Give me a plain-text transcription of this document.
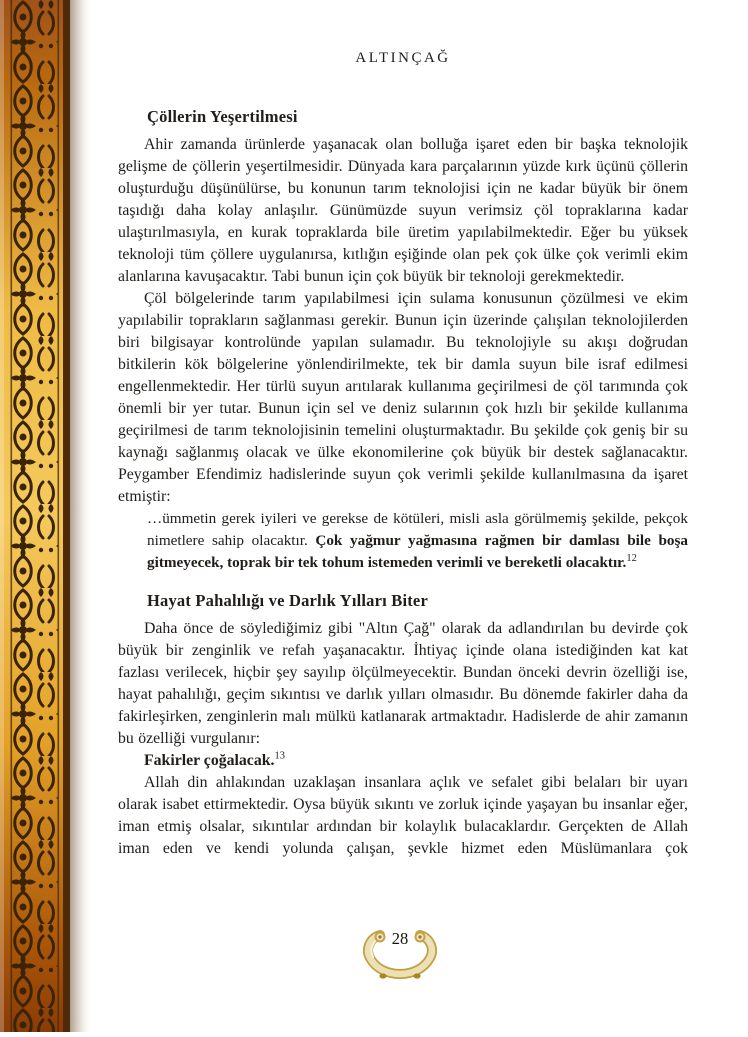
ALTINÇAĞ
Çöllerin Yeşertilmesi

Ahir zamanda ürünlerde yaşanacak olan bolluğa işaret eden bir başka teknolojik gelişme de çöllerin yeşertilmesidir. Dünyada kara parçalarının yüzde kırk üçünü çöllerin oluşturduğu düşünülürse, bu konunun tarım teknolojisi için ne kadar büyük bir önem taşıdığı daha kolay anlaşılır. Günümüzde suyun verimsiz çöl topraklarına kadar ulaştırılmasıyla, en kurak topraklarda bile üretim yapılabilmektedir. Eğer bu yüksek teknoloji tüm çöllere uygulanırsa, kıtlığın eşiğinde olan pek çok ülke çok verimli ekim alanlarına kavuşacaktır. Tabi bunun için çok büyük bir teknoloji gerekmektedir.

Çöl bölgelerinde tarım yapılabilmesi için sulama konusunun çözülmesi ve ekim yapılabilir toprakların sağlanması gerekir. Bunun için üzerinde çalışılan teknolojilerden biri bilgisayar kontrolünde yapılan sulamadır. Bu teknolojiyle su akışı doğrudan bitkilerin kök bölgelerine yönlendirilmekte, tek bir damla suyun bile israf edilmesi engellenmektedir. Her türlü suyun arıtılarak kullanıma geçirilmesi de çöl tarımında çok önemli bir yer tutar. Bunun için sel ve deniz sularının çok hızlı bir şekilde kullanıma geçirilmesi de tarım teknolojisinin temelini oluşturmaktadır. Bu şekilde çok geniş bir su kaynağı sağlanmış olacak ve ülke ekonomilerine çok büyük bir destek sağlanacaktır. Peygamber Efendimiz hadislerinde suyun çok verimli şekilde kullanılmasına da işaret etmiştir:

…ümmetin gerek iyileri ve gerekse de kötüleri, misli asla görülmemiş şekilde, pekçok nimetlere sahip olacaktır. Çok yağmur yağmasına rağmen bir damlası bile boşa gitmeyecek, toprak bir tek tohum istemeden verimli ve bereketli olacaktır.$^{12}$

Hayat Pahalılığı ve Darlık Yılları Biter

Daha önce de söylediğimiz gibi "Altın Çağ" olarak da adlandırılan bu devirde çok büyük bir zenginlik ve refah yaşanacaktır. İhtiyaç içinde olana istediğinden kat kat fazlası verilecek, hiçbir şey sayılıp ölçülmeyecektir. Bundan önceki devrin özelliği ise, hayat pahalılığı, geçim sıkıntısı ve darlık yılları olmasıdır. Bu dönemde fakirler daha da fakirleşirken, zenginlerin malı mülkü katlanarak artmaktadır. Hadislerde de ahir zamanın bu özelliği vurgulanır:

Fakirler çoğalacak.$^{13}$

Allah din ahlakından uzaklaşan insanlara açlık ve sefalet gibi belaları bir uyarı olarak isabet ettirmektedir. Oysa büyük sıkıntı ve zorluk içinde yaşayan bu insanlar eğer, iman etmiş olsalar, sıkıntılar ardından bir kolaylık bulacaklardır. Gerçekten de Allah iman eden ve kendi yolunda çalışan, şevkle hizmet eden Müslümanlara çok

28
